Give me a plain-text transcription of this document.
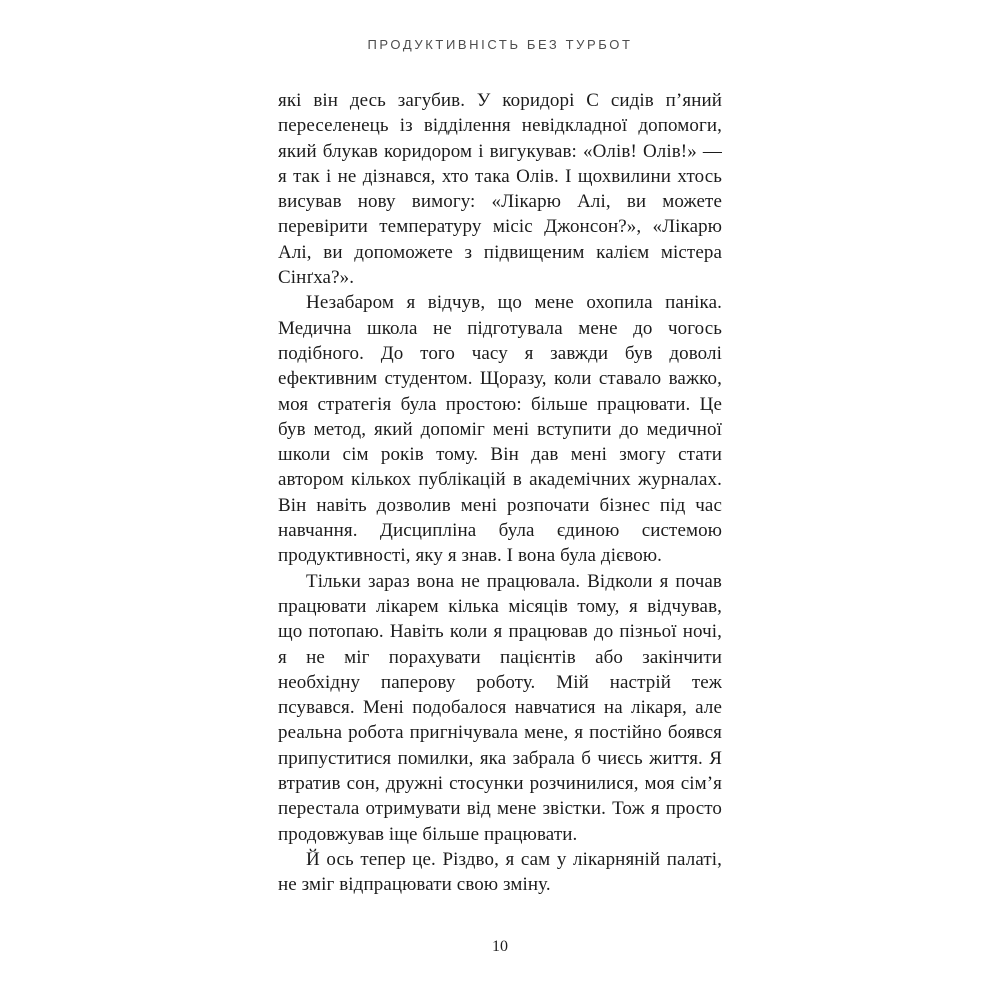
ПРОДУКТИВНІСТЬ БЕЗ ТУРБОТ

які він десь загубив. У коридорі C сидів п’яний переселенець із відділення невідкладної допомоги, який блукав коридором і вигукував: «Олів! Олів!» — я так і не дізнався, хто така Олів. І щохвилини хтось висував нову вимогу: «Лікарю Алі, ви можете перевірити температуру місіс Джонсон?», «Лікарю Алі, ви допоможете з підвищеним калієм містера Сінґха?».

Незабаром я відчув, що мене охопила паніка. Медична школа не підготувала мене до чогось подібного. До того часу я завжди був доволі ефективним студентом. Щоразу, коли ставало важко, моя стратегія була простою: більше працювати. Це був метод, який допоміг мені вступити до медичної школи сім років тому. Він дав мені змогу стати автором кількох публікацій в академічних журналах. Він навіть дозволив мені розпочати бізнес під час навчання. Дисципліна була єдиною системою продуктивності, яку я знав. І вона була дієвою.

Тільки зараз вона не працювала. Відколи я почав працювати лікарем кілька місяців тому, я відчував, що потопаю. Навіть коли я працював до пізньої ночі, я не міг порахувати пацієнтів або закінчити необхідну паперову роботу. Мій настрій теж псувався. Мені подобалося навчатися на лікаря, але реальна робота пригнічувала мене, я постійно боявся припуститися помилки, яка забрала б чиєсь життя. Я втратив сон, дружні стосунки розчинилися, моя сім’я перестала отримувати від мене звістки. Тож я просто продовжував іще більше працювати.

Й ось тепер це. Різдво, я сам у лікарняній палаті, не зміг відпрацювати свою зміну.

10
